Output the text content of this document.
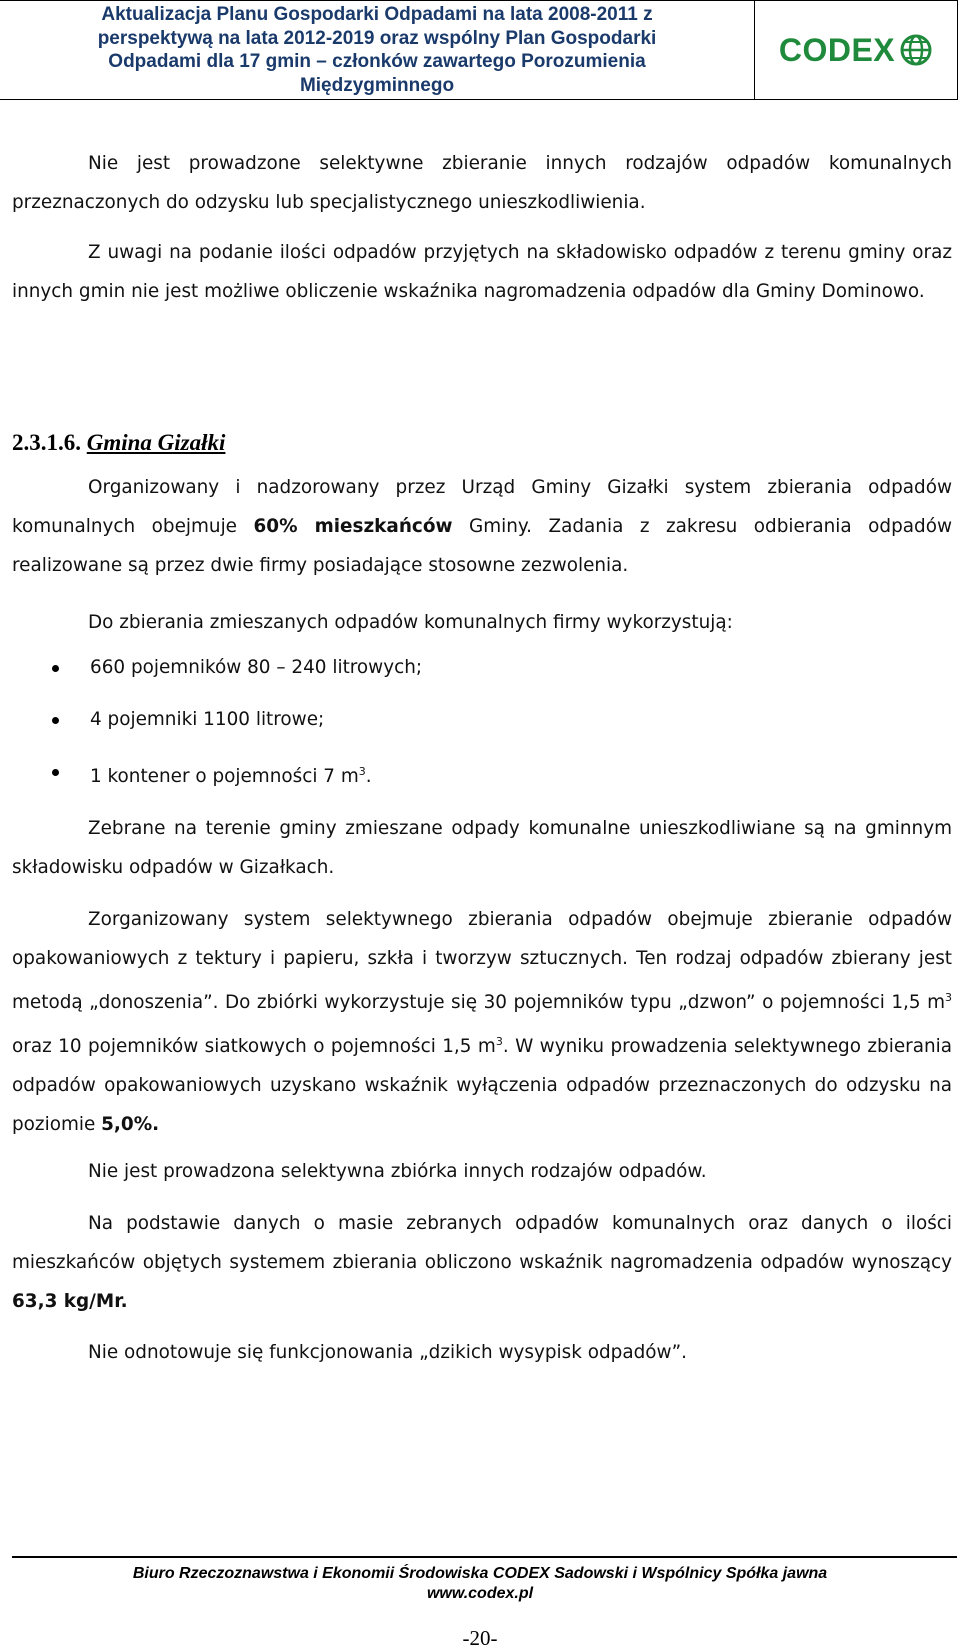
Aktualizacja Planu Gospodarki Odpadami na lata 2008-2011 z
perspektywą na lata 2012-2019 oraz wspólny Plan Gospodarki
Odpadami dla 17 gmin – członków zawartego Porozumienia
Międzygminnego
CODEX

Nie jest prowadzone selektywne zbieranie innych rodzajów odpadów komunalnych przeznaczonych do odzysku lub specjalistycznego unieszkodliwienia.

Z uwagi na podanie ilości odpadów przyjętych na składowisko odpadów z terenu gminy oraz innych gmin nie jest możliwe obliczenie wskaźnika nagromadzenia odpadów dla Gminy Dominowo.

2.3.1.6. Gmina Gizałki

Organizowany i nadzorowany przez Urząd Gminy Gizałki system zbierania odpadów komunalnych obejmuje 60% mieszkańców Gminy. Zadania z zakresu odbierania odpadów realizowane są przez dwie firmy posiadające stosowne zezwolenia.

Do zbierania zmieszanych odpadów komunalnych firmy wykorzystują:

660 pojemników 80 – 240 litrowych;
4 pojemniki 1100 litrowe;
1 kontener o pojemności 7 $m^3$.

Zebrane na terenie gminy zmieszane odpady komunalne unieszkodliwiane są na gminnym składowisku odpadów w Gizałkach.

Zorganizowany system selektywnego zbierania odpadów obejmuje zbieranie odpadów opakowaniowych z tektury i papieru, szkła i tworzyw sztucznych. Ten rodzaj odpadów zbierany jest metodą „donoszenia”. Do zbiórki wykorzystuje się 30 pojemników typu „dzwon” o pojemności 1,5 $m^3$ oraz 10 pojemników siatkowych o pojemności 1,5 $m^3$. W wyniku prowadzenia selektywnego zbierania odpadów opakowaniowych uzyskano wskaźnik wyłączenia odpadów przeznaczonych do odzysku na poziomie 5,0%.

Nie jest prowadzona selektywna zbiórka innych rodzajów odpadów.

Na podstawie danych o masie zebranych odpadów komunalnych oraz danych o ilości mieszkańców objętych systemem zbierania obliczono wskaźnik nagromadzenia odpadów wynoszący 63,3 kg/Mr.

Nie odnotowuje się funkcjonowania „dzikich wysypisk odpadów”.

Biuro Rzeczoznawstwa i Ekonomii Środowiska CODEX Sadowski i Wspólnicy Spółka jawna
www.codex.pl
-20-
